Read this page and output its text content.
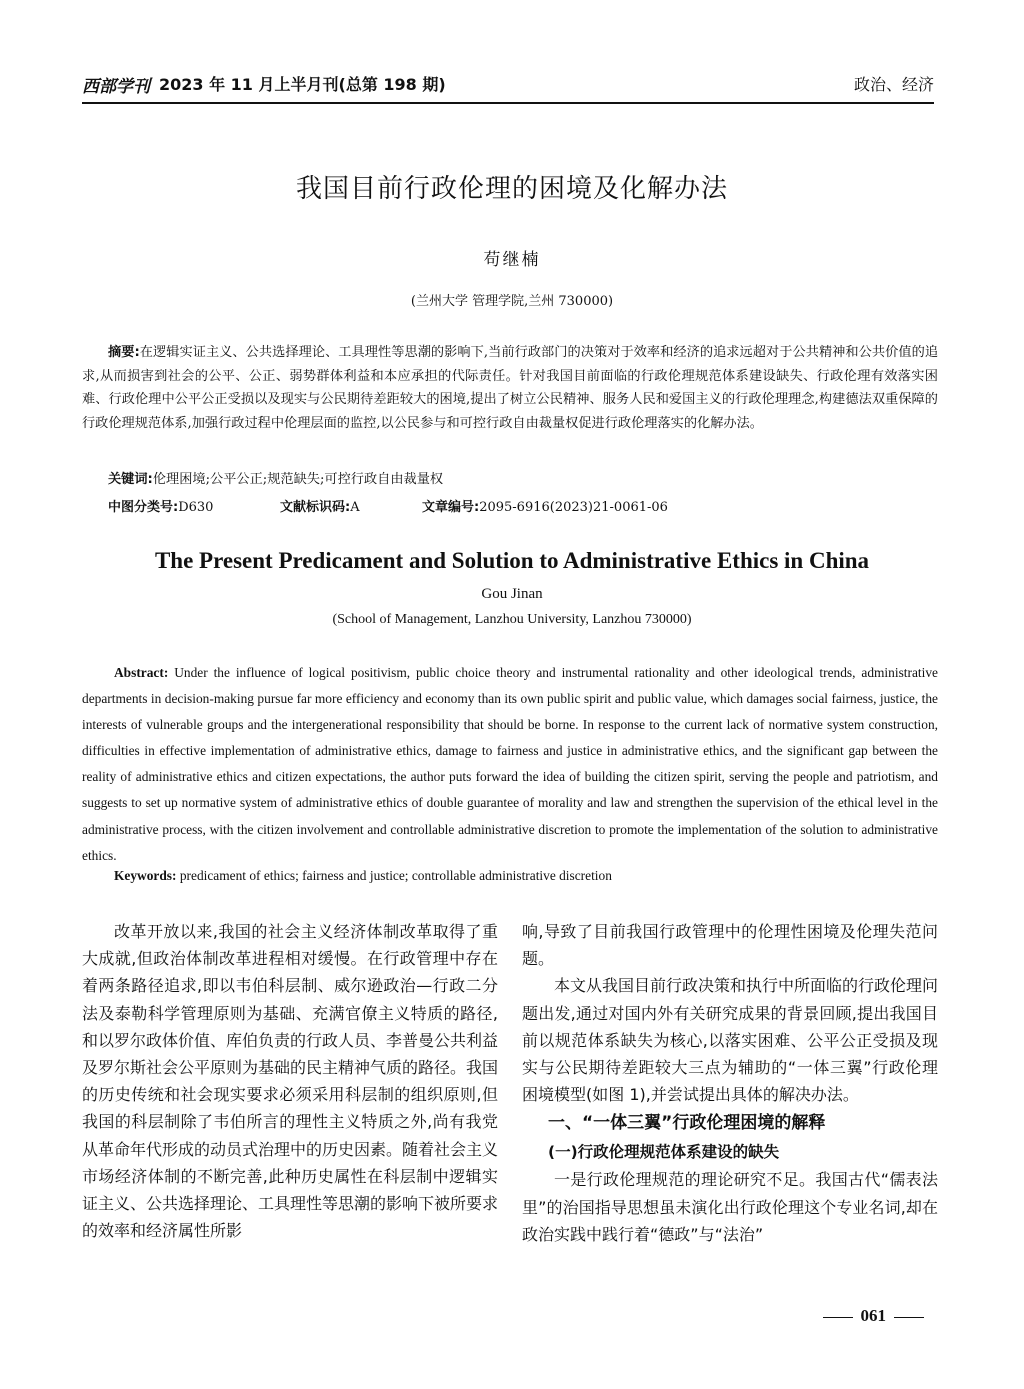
西部学刊 2023 年 11 月上半月刊(总第 198 期)	政治、经济
我国目前行政伦理的困境及化解办法
苟继楠
(兰州大学 管理学院,兰州 730000)
摘要:在逻辑实证主义、公共选择理论、工具理性等思潮的影响下,当前行政部门的决策对于效率和经济的追求远超对于公共精神和公共价值的追求,从而损害到社会的公平、公正、弱势群体利益和本应承担的代际责任。针对我国目前面临的行政伦理规范体系建设缺失、行政伦理有效落实困难、行政伦理中公平公正受损以及现实与公民期待差距较大的困境,提出了树立公民精神、服务人民和爱国主义的行政伦理理念,构建德法双重保障的行政伦理规范体系,加强行政过程中伦理层面的监控,以公民参与和可控行政自由裁量权促进行政伦理落实的化解办法。
关键词:伦理困境;公平公正;规范缺失;可控行政自由裁量权
中图分类号:D630	文献标识码:A	文章编号:2095-6916(2023)21-0061-06
The Present Predicament and Solution to Administrative Ethics in China
Gou Jinan
(School of Management, Lanzhou University, Lanzhou 730000)
Abstract: Under the influence of logical positivism, public choice theory and instrumental rationality and other ideological trends, administrative departments in decision-making pursue far more efficiency and economy than its own public spirit and public value, which damages social fairness, justice, the interests of vulnerable groups and the intergenerational responsibility that should be borne. In response to the current lack of normative system construction, difficulties in effective implementation of administrative ethics, damage to fairness and justice in administrative ethics, and the significant gap between the reality of administrative ethics and citizen expectations, the author puts forward the idea of building the citizen spirit, serving the people and patriotism, and suggests to set up normative system of administrative ethics of double guarantee of morality and law and strengthen the supervision of the ethical level in the administrative process, with the citizen involvement and controllable administrative discretion to promote the implementation of the solution to administrative ethics.
Keywords: predicament of ethics; fairness and justice; controllable administrative discretion

改革开放以来,我国的社会主义经济体制改革取得了重大成就,但政治体制改革进程相对缓慢。在行政管理中存在着两条路径追求,即以韦伯科层制、威尔逊政治—行政二分法及泰勒科学管理原则为基础、充满官僚主义特质的路径,和以罗尔政体价值、库伯负责的行政人员、李普曼公共利益及罗尔斯社会公平原则为基础的民主精神气质的路径。我国的历史传统和社会现实要求必须采用科层制的组织原则,但我国的科层制除了韦伯所言的理性主义特质之外,尚有我党从革命年代形成的动员式治理中的历史因素。随着社会主义市场经济体制的不断完善,此种历史属性在科层制中逻辑实证主义、公共选择理论、工具理性等思潮的影响下被所要求的效率和经济属性所影

响,导致了目前我国行政管理中的伦理性困境及伦理失范问题。

本文从我国目前行政决策和执行中所面临的行政伦理问题出发,通过对国内外有关研究成果的背景回顾,提出我国目前以规范体系缺失为核心,以落实困难、公平公正受损及现实与公民期待差距较大三点为辅助的“一体三翼”行政伦理困境模型(如图 1),并尝试提出具体的解决办法。

一、“一体三翼”行政伦理困境的解释
(一)行政伦理规范体系建设的缺失

一是行政伦理规范的理论研究不足。我国古代“儒表法里”的治国指导思想虽未演化出行政伦理这个专业名词,却在政治实践中践行着“德政”与“法治”

061
